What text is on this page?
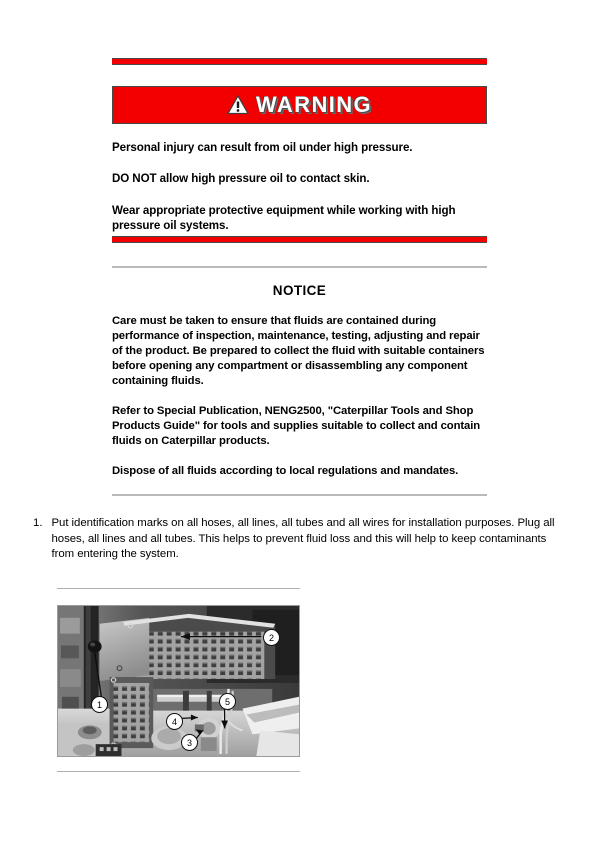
WARNING

Personal injury can result from oil under high pressure.

DO NOT allow high pressure oil to contact skin.

Wear appropriate protective equipment while working with high pressure oil systems.

NOTICE

Care must be taken to ensure that fluids are contained during performance of inspection, maintenance, testing, adjusting and repair of the product. Be prepared to collect the fluid with suitable containers before opening any compartment or disassembling any component containing fluids.

Refer to Special Publication, NENG2500, "Caterpillar Tools and Shop Products Guide" for tools and supplies suitable to collect and contain fluids on Caterpillar products.

Dispose of all fluids according to local regulations and mandates.

1. Put identification marks on all hoses, all lines, all tubes and all wires for installation purposes. Plug all hoses, all lines and all tubes. This helps to prevent fluid loss and this will help to keep contaminants from entering the system.
1
2
3
4
5
